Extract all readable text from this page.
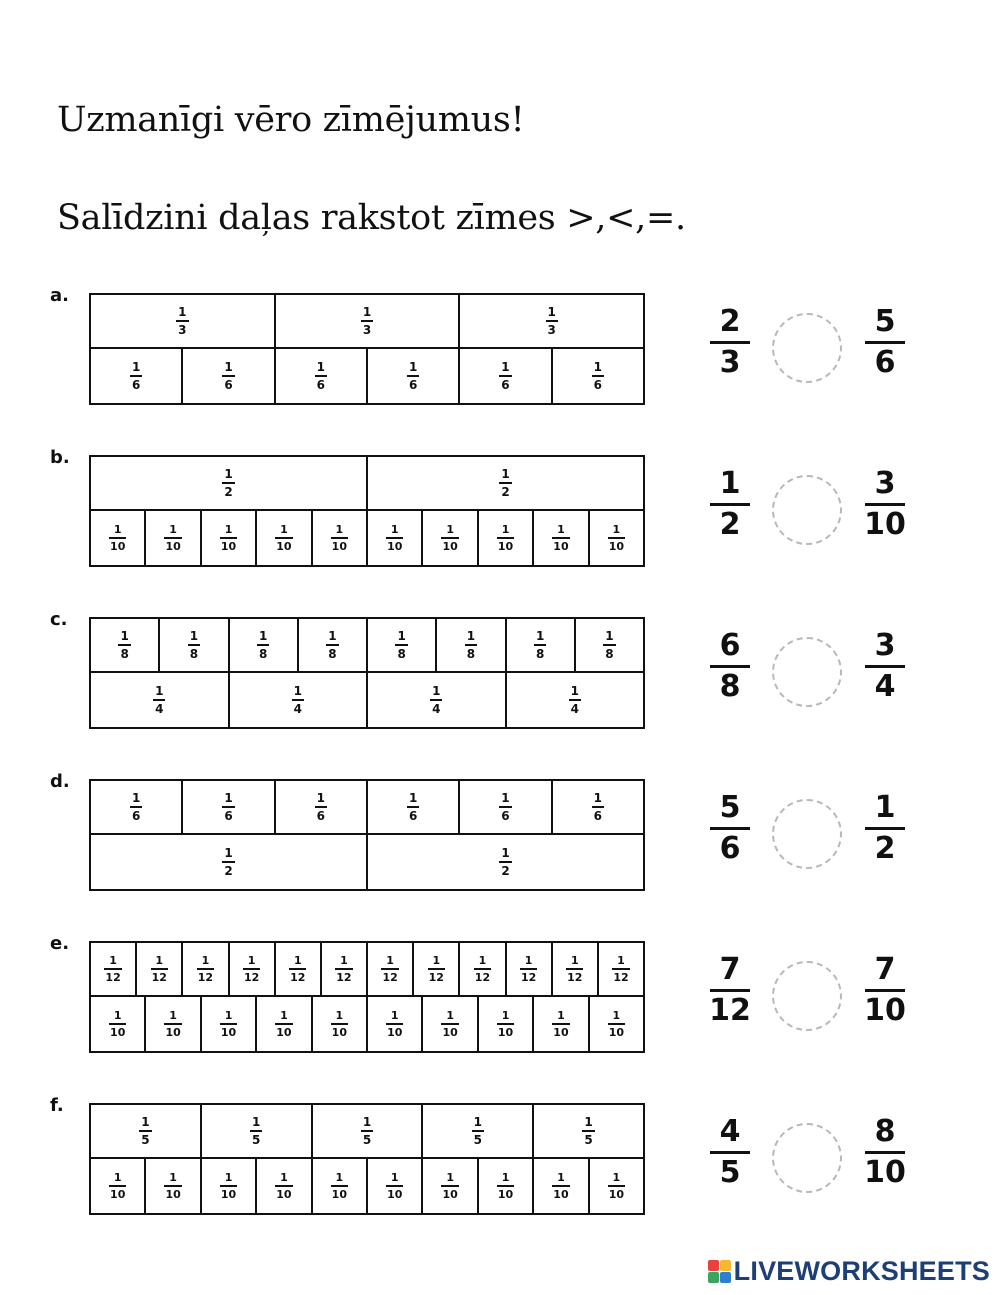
Uzmanīgi vēro zīmējumus!
Salīdzini daļas rakstot zīmes >,<,=.
a.
$\frac{1}{3}$	$\frac{1}{3}$	$\frac{1}{3}$
$\frac{1}{6}$	$\frac{1}{6}$	$\frac{1}{6}$	$\frac{1}{6}$	$\frac{1}{6}$	$\frac{1}{6}$
2
3
5
6
b.
$\frac{1}{2}$	$\frac{1}{2}$
$\frac{1}{10}$	$\frac{1}{10}$	$\frac{1}{10}$	$\frac{1}{10}$	$\frac{1}{10}$	$\frac{1}{10}$	$\frac{1}{10}$	$\frac{1}{10}$	$\frac{1}{10}$	$\frac{1}{10}$
1
2
3
10
c.
$\frac{1}{8}$	$\frac{1}{8}$	$\frac{1}{8}$	$\frac{1}{8}$	$\frac{1}{8}$	$\frac{1}{8}$	$\frac{1}{8}$	$\frac{1}{8}$
$\frac{1}{4}$	$\frac{1}{4}$	$\frac{1}{4}$	$\frac{1}{4}$
6
8
3
4
d.
$\frac{1}{6}$	$\frac{1}{6}$	$\frac{1}{6}$	$\frac{1}{6}$	$\frac{1}{6}$	$\frac{1}{6}$
$\frac{1}{2}$	$\frac{1}{2}$
5
6
1
2
e.
$\frac{1}{12}$	$\frac{1}{12}$	$\frac{1}{12}$	$\frac{1}{12}$	$\frac{1}{12}$	$\frac{1}{12}$	$\frac{1}{12}$	$\frac{1}{12}$	$\frac{1}{12}$	$\frac{1}{12}$	$\frac{1}{12}$	$\frac{1}{12}$
$\frac{1}{10}$	$\frac{1}{10}$	$\frac{1}{10}$	$\frac{1}{10}$	$\frac{1}{10}$	$\frac{1}{10}$	$\frac{1}{10}$	$\frac{1}{10}$	$\frac{1}{10}$	$\frac{1}{10}$
7
12
7
10
f.
$\frac{1}{5}$	$\frac{1}{5}$	$\frac{1}{5}$	$\frac{1}{5}$	$\frac{1}{5}$
$\frac{1}{10}$	$\frac{1}{10}$	$\frac{1}{10}$	$\frac{1}{10}$	$\frac{1}{10}$	$\frac{1}{10}$	$\frac{1}{10}$	$\frac{1}{10}$	$\frac{1}{10}$	$\frac{1}{10}$
4
5
8
10
LIVEWORKSHEETS
